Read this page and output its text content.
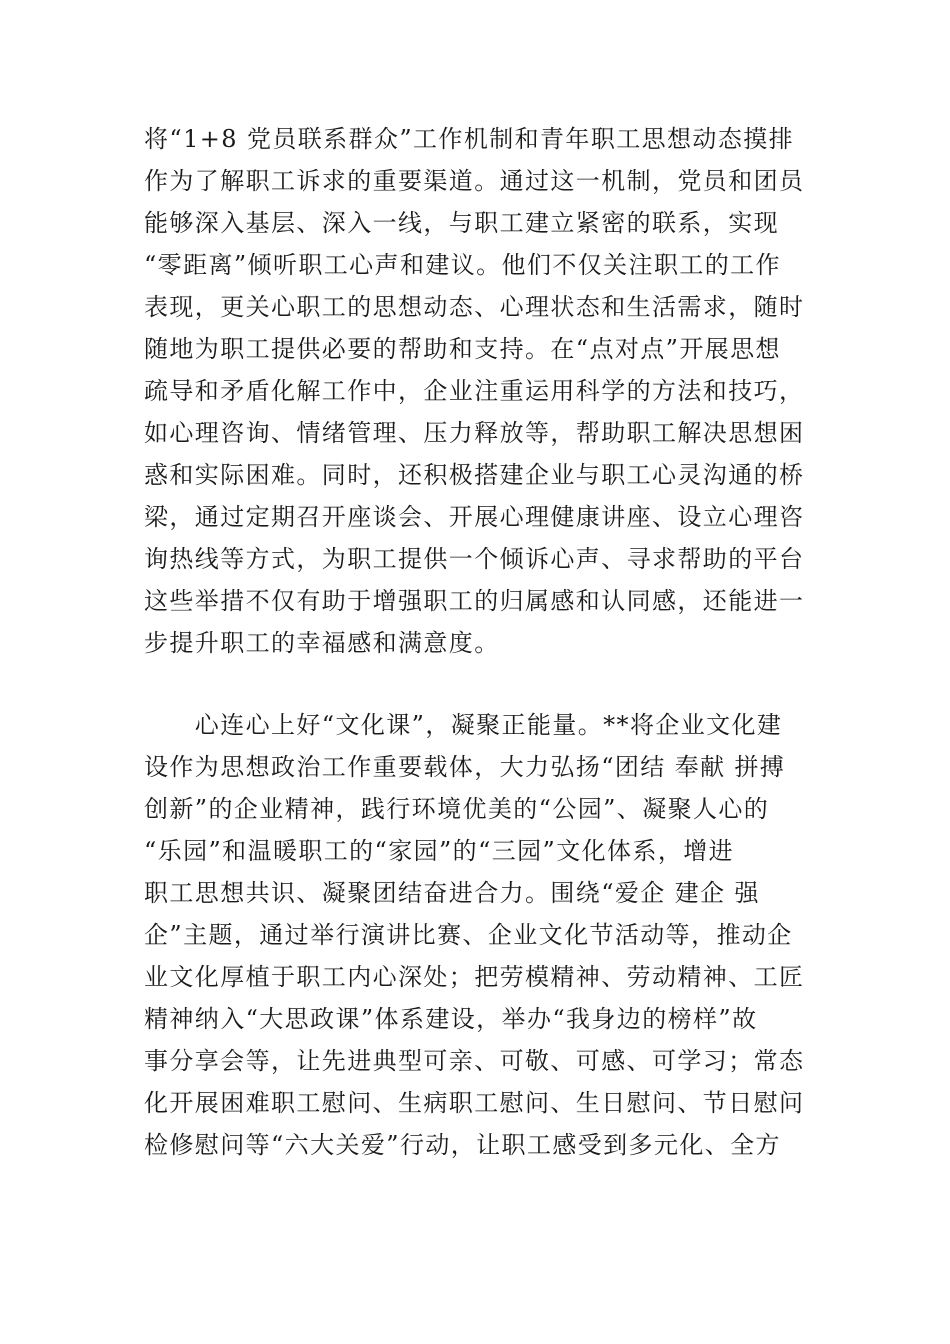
将“1+8 党员联系群众”工作机制和青年职工思想动态摸排
作为了解职工诉求的重要渠道。通过这一机制，党员和团员
能够深入基层、深入一线，与职工建立紧密的联系，实现
“零距离”倾听职工心声和建议。他们不仅关注职工的工作
表现，更关心职工的思想动态、心理状态和生活需求，随时
随地为职工提供必要的帮助和支持。在“点对点”开展思想
疏导和矛盾化解工作中，企业注重运用科学的方法和技巧，
如心理咨询、情绪管理、压力释放等，帮助职工解决思想困
惑和实际困难。同时，还积极搭建企业与职工心灵沟通的桥
梁，通过定期召开座谈会、开展心理健康讲座、设立心理咨
询热线等方式，为职工提供一个倾诉心声、寻求帮助的平台
这些举措不仅有助于增强职工的归属感和认同感，还能进一
步提升职工的幸福感和满意度。
　　心连心上好“文化课”，凝聚正能量。**将企业文化建
设作为思想政治工作重要载体，大力弘扬“团结 奉献 拼搏
创新”的企业精神，践行环境优美的“公园”、凝聚人心的
“乐园”和温暖职工的“家园”的“三园”文化体系，增进
职工思想共识、凝聚团结奋进合力。围绕“爱企 建企 强
企”主题，通过举行演讲比赛、企业文化节活动等，推动企
业文化厚植于职工内心深处；把劳模精神、劳动精神、工匠
精神纳入“大思政课”体系建设，举办“我身边的榜样”故
事分享会等，让先进典型可亲、可敬、可感、可学习；常态
化开展困难职工慰问、生病职工慰问、生日慰问、节日慰问
检修慰问等“六大关爱”行动，让职工感受到多元化、全方
